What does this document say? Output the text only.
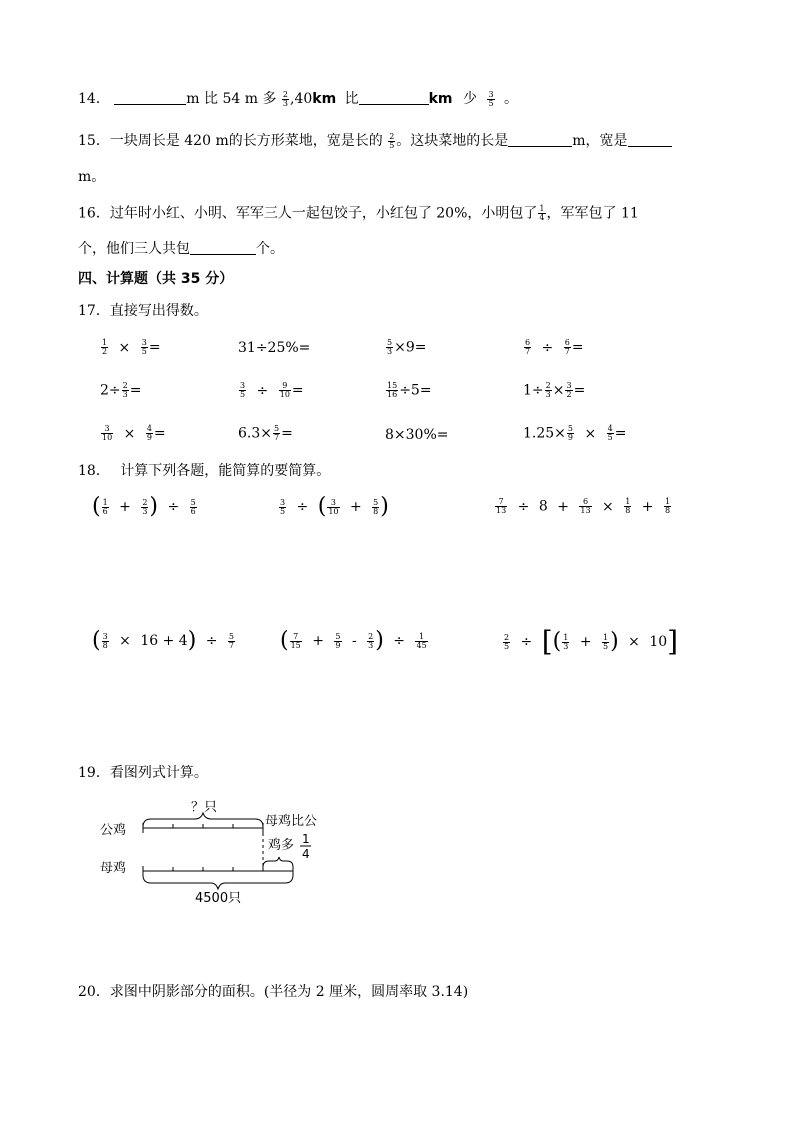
14．	m 比 54 m 多 $\frac{2}{3} ,40km$ 比	km 少 $\frac{3}{5}$ 。
15．一块周长是 420 m的长方形菜地，宽是长的 $\frac{2}{5}$ 。这块菜地的长是	m，宽是
m。
16．过年时小红、小明、军军三人一起包饺子，小红包了 20%，小明包了 $\frac{1}{4}$ ，军军包了 11
个，他们三人共包	个。
四、计算题（共 35 分）
17．直接写出得数。
$\frac{1}{2} \times \frac{3}{5}$ =	31÷25%=	$\frac{5}{3} \times 9=$	$\frac{6}{7} \div \frac{6}{7}$ =
$2\div \frac{2}{3}$ =	$\frac{3}{5} \div \frac{9}{10}$ =	$\frac{15}{16} \div 5=$	$1\div \frac{2}{3} \times \frac{3}{2}$ =
$\frac{3}{10} \times \frac{4}{9}$ =	$6.3\times \frac{5}{7}$ =	8×30%=	$1.25\times \frac{5}{9} \times \frac{4}{5}$ =
18． 计算下列各题，能简算的要简算。
( $\frac{1}{6} + \frac{2}{3}$ ) ÷ $\frac{5}{6}$	$\frac{3}{5}$ ÷ ( $\frac{3}{10} + \frac{5}{8}$ )	$\frac{7}{13} \div 8 + \frac{6}{13} \times \frac{1}{8} + \frac{1}{8}$
( $\frac{3}{8} \times 16 + 4) \div \frac{5}{7}$ ( $\frac{7}{15} + \frac{5}{9} - \frac{2}{3}$ ) ÷ $\frac{1}{45}$	$\frac{2}{5}$ ÷ [( $\frac{1}{3} + \frac{1}{5}$ ) × 10]
19．看图列式计算。
？只
公鸡
母鸡比公
鸡多 1
4
母鸡
4500只
20．求图中阴影部分的面积。(半径为 2 厘米，圆周率取 3.14)
